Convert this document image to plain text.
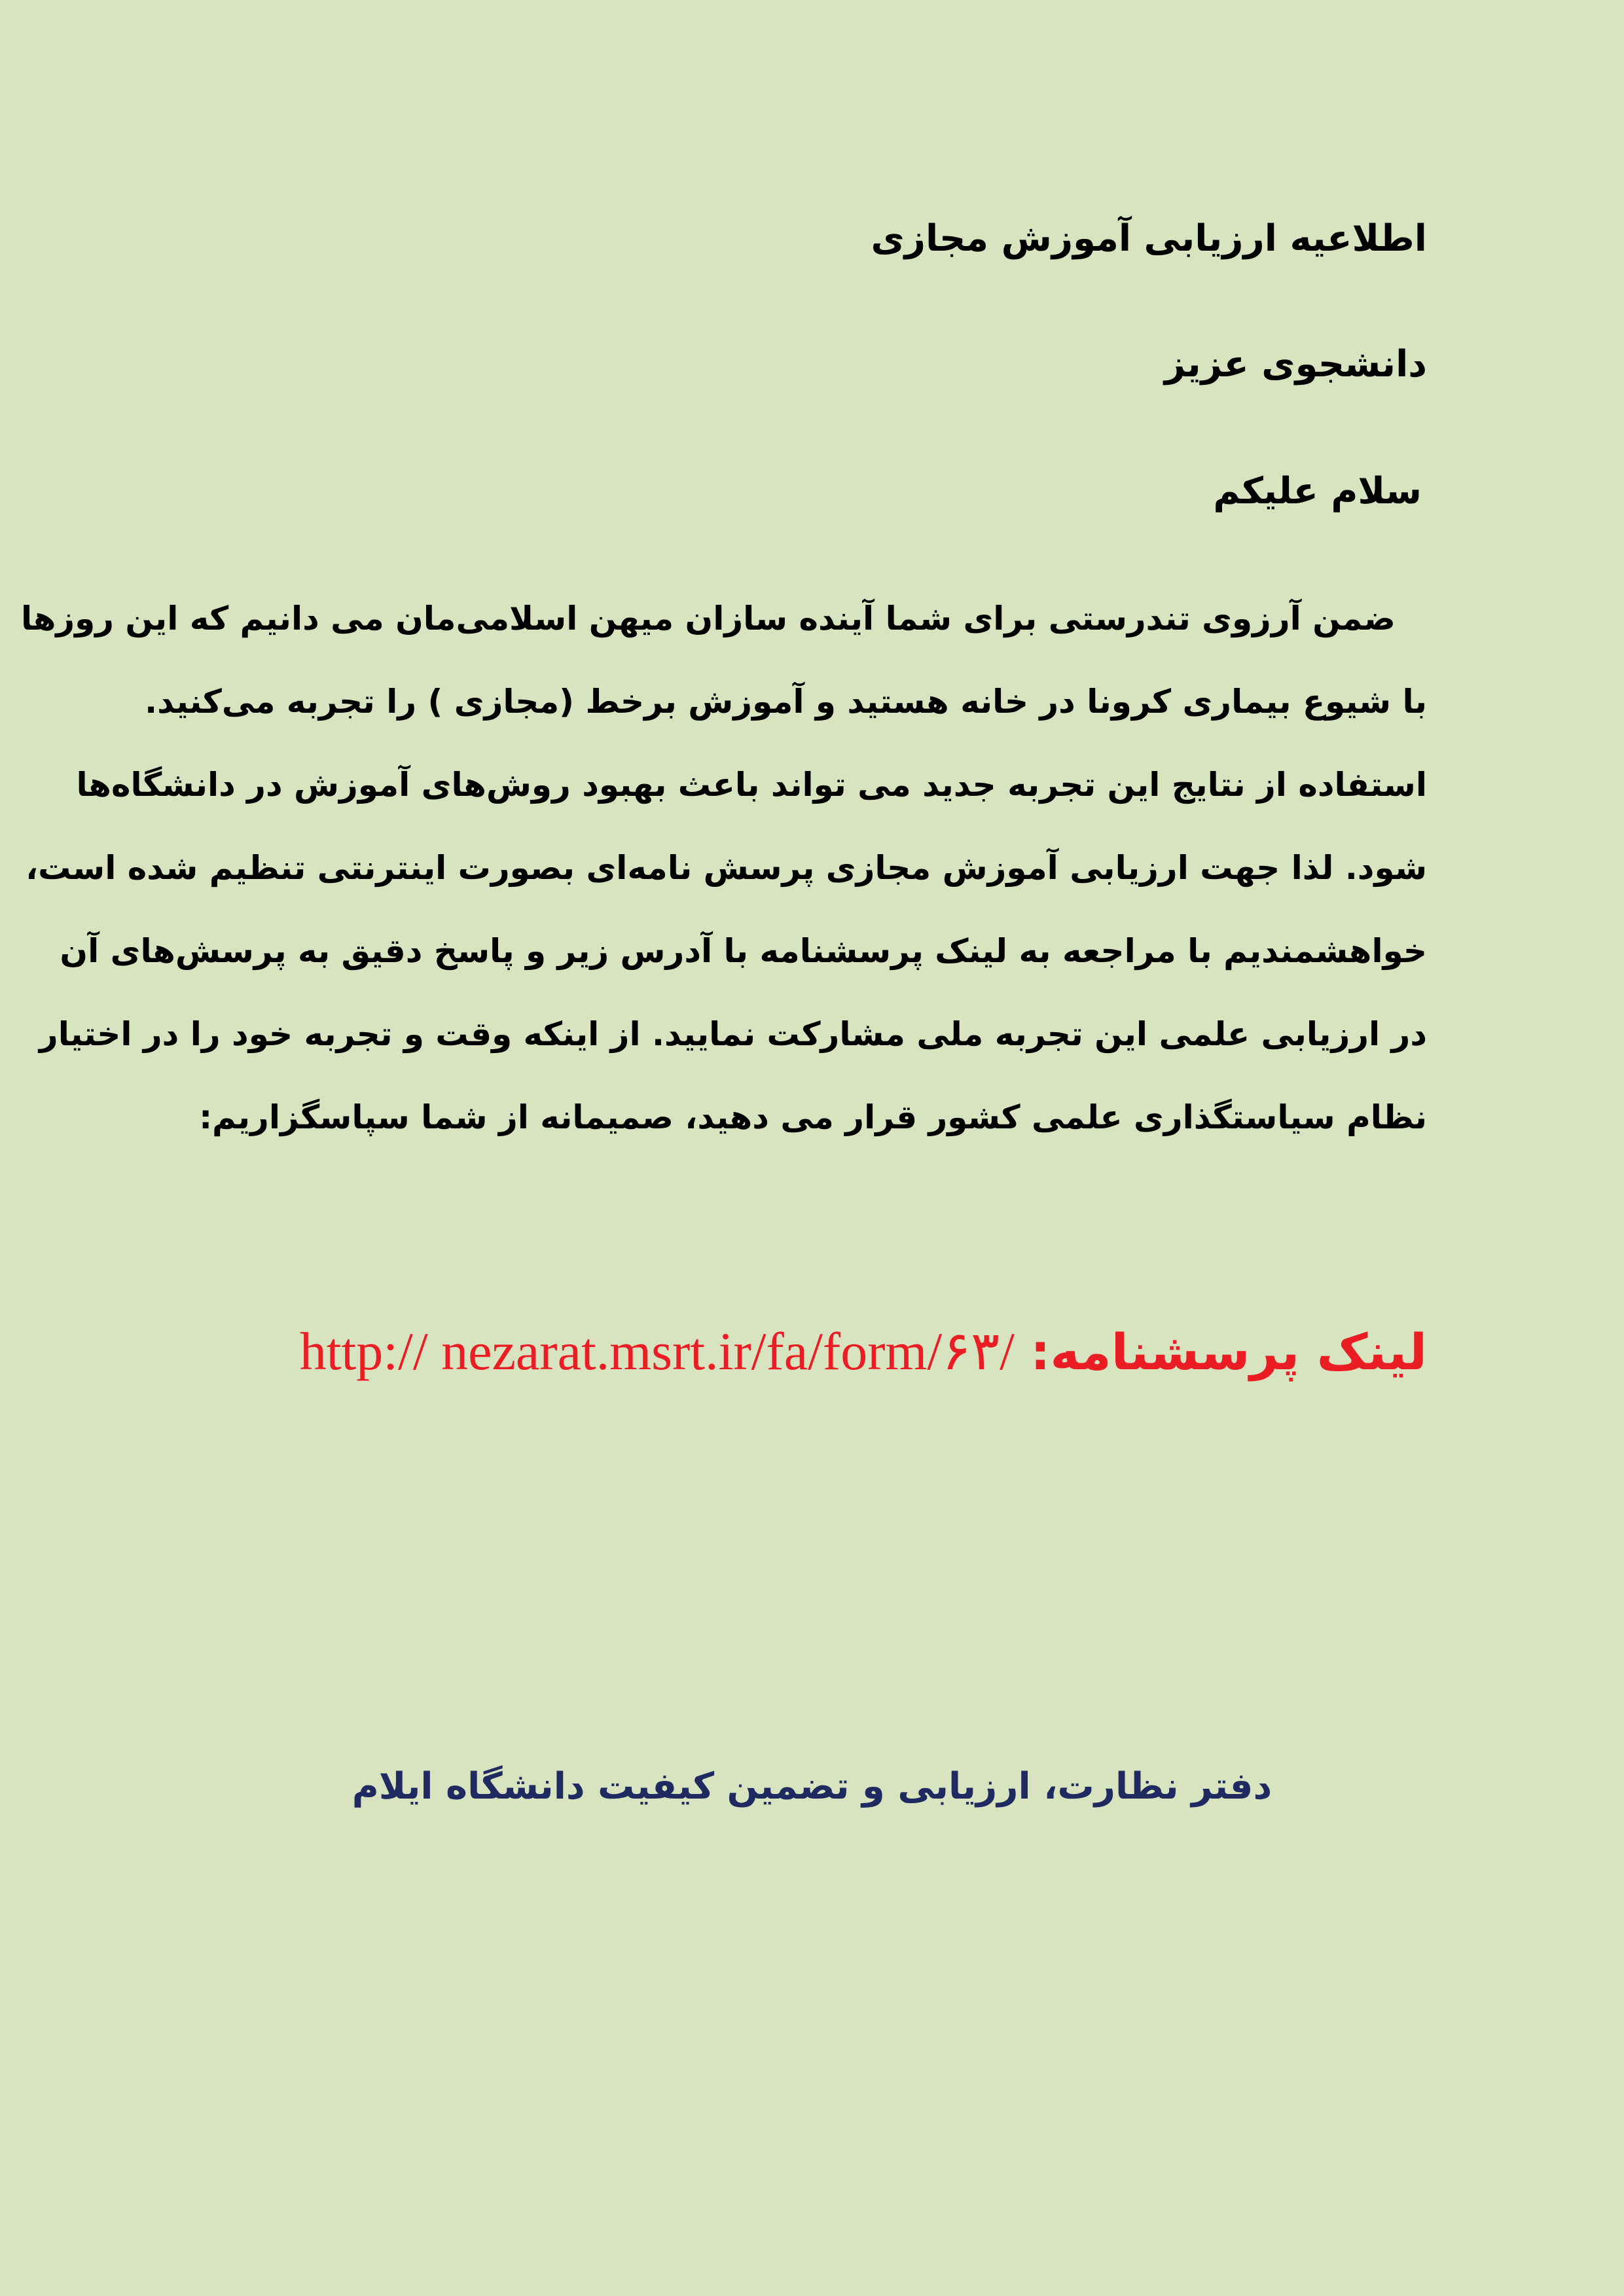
اطلاعیه ارزیابی آموزش مجازی
دانشجوی عزیز
سلام علیکم
ضمن آرزوی تندرستی برای شما آینده سازان میهن اسلامی‌مان می دانیم که این روزها
با شیوع بیماری کرونا در خانه هستید و آموزش برخط (مجازی ) را تجربه می‌کنید.
استفاده از نتایج این تجربه جدید می تواند باعث بهبود روش‌های آموزش در دانشگاه‌ها
شود. لذا جهت ارزیابی آموزش مجازی پرسش نامه‌ای بصورت اینترنتی تنظیم شده است،
خواهشمندیم با مراجعه به لینک پرسشنامه با آدرس زیر و پاسخ دقیق به پرسش‌های آن
در ارزیابی علمی این تجربه ملی مشارکت نمایید. از اینکه وقت و تجربه خود را در اختیار
نظام سیاستگذاری علمی کشور قرار می دهید، صمیمانه از شما سپاسگزاریم:
لینک پرسشنامه: http:// nezarat.msrt.ir/fa/form/۶۳/
دفتر نظارت، ارزیابی و تضمین کیفیت دانشگاه ایلام
